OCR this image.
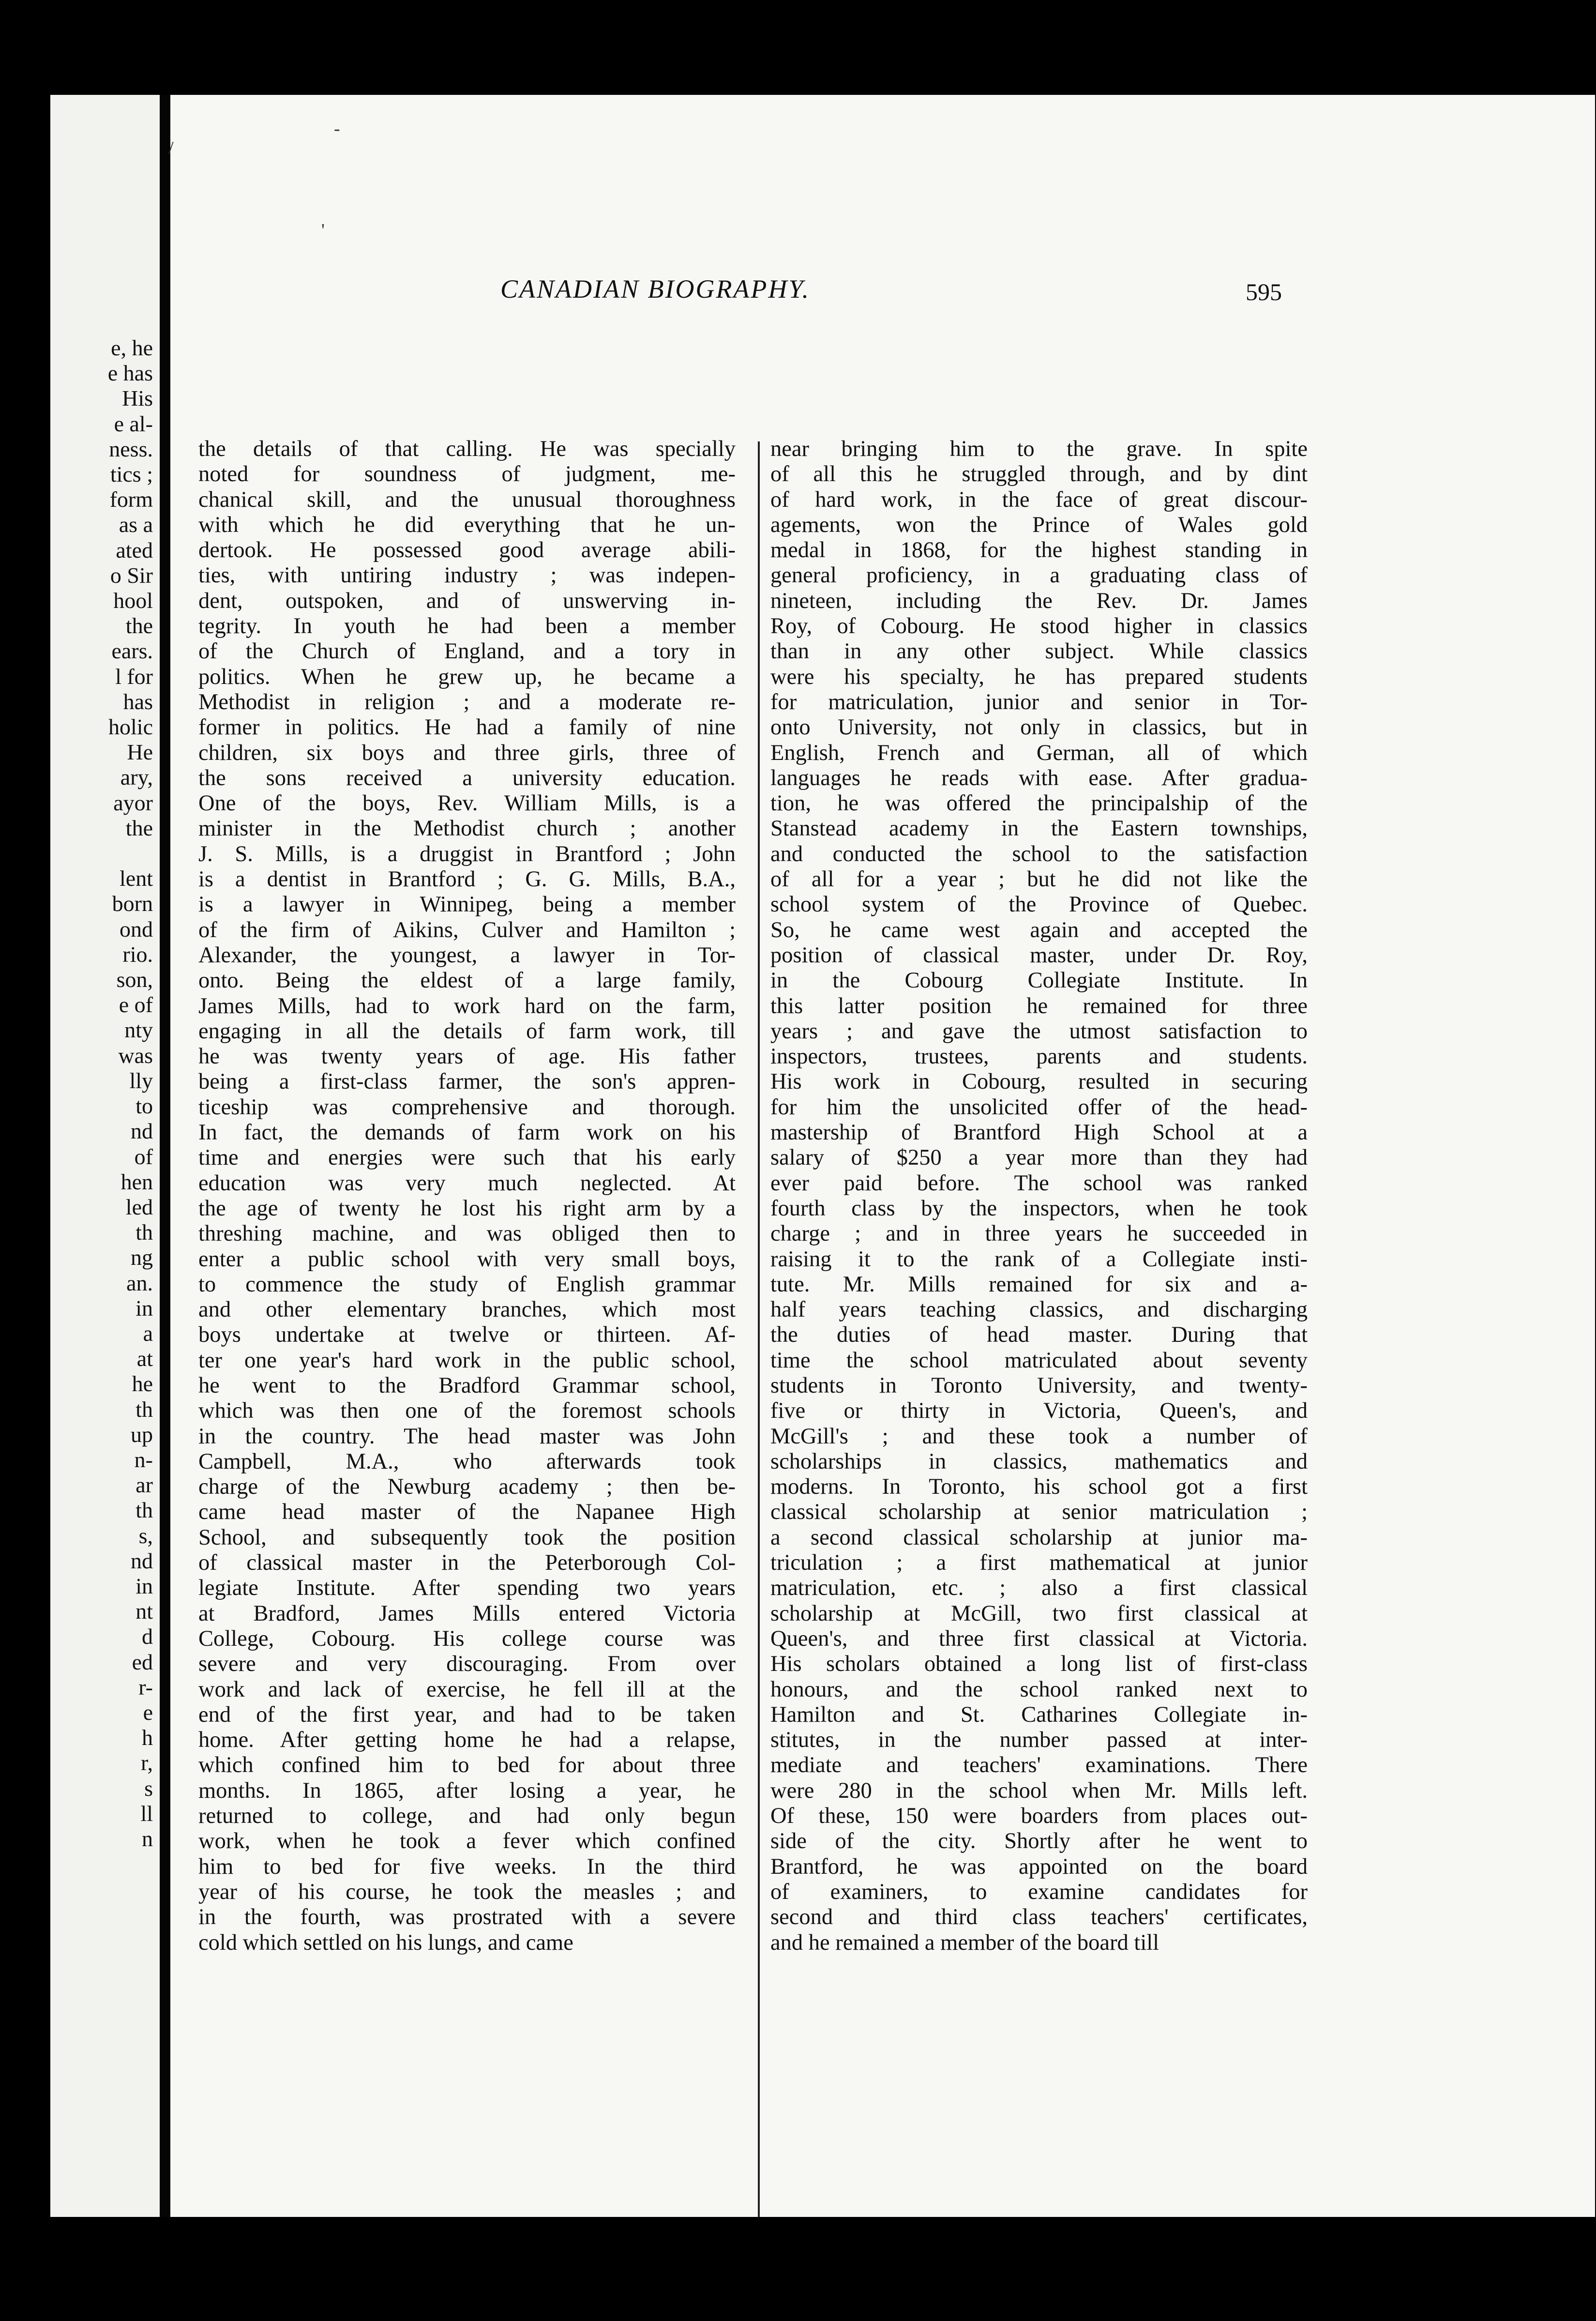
e, he
e has
His
e al-
ness.
tics ;
form
as a
ated
o Sir
hool
the
ears.
l for
has
holic
He
ary,
ayor
the

lent
born
ond
rio.
son,
e of
nty
was
lly
to
nd
of
hen
led
th
ng
an.
in
a
at
he
th
up
n-
ar
th
s,
nd
in
nt
d
ed
r-
e
h
r,
s
ll
n
/
-
'
CANADIAN BIOGRAPHY.	595
the details of that calling. He was specially
noted for soundness of judgment, me-
chanical skill, and the unusual thoroughness
with which he did everything that he un-
dertook. He possessed good average abili-
ties, with untiring industry ; was indepen-
dent, outspoken, and of unswerving in-
tegrity. In youth he had been a member
of the Church of England, and a tory in
politics. When he grew up, he became a
Methodist in religion ; and a moderate re-
former in politics. He had a family of nine
children, six boys and three girls, three of
the sons received a university education.
One of the boys, Rev. William Mills, is a
minister in the Methodist church ; another
J. S. Mills, is a druggist in Brantford ; John
is a dentist in Brantford ; G. G. Mills, B.A.,
is a lawyer in Winnipeg, being a member
of the firm of Aikins, Culver and Hamilton ;
Alexander, the youngest, a lawyer in Tor-
onto. Being the eldest of a large family,
James Mills, had to work hard on the farm,
engaging in all the details of farm work, till
he was twenty years of age. His father
being a first-class farmer, the son's appren-
ticeship was comprehensive and thorough.
In fact, the demands of farm work on his
time and energies were such that his early
education was very much neglected. At
the age of twenty he lost his right arm by a
threshing machine, and was obliged then to
enter a public school with very small boys,
to commence the study of English grammar
and other elementary branches, which most
boys undertake at twelve or thirteen. Af-
ter one year's hard work in the public school,
he went to the Bradford Grammar school,
which was then one of the foremost schools
in the country. The head master was John
Campbell, M.A., who afterwards took
charge of the Newburg academy ; then be-
came head master of the Napanee High
School, and subsequently took the position
of classical master in the Peterborough Col-
legiate Institute. After spending two years
at Bradford, James Mills entered Victoria
College, Cobourg. His college course was
severe and very discouraging. From over
work and lack of exercise, he fell ill at the
end of the first year, and had to be taken
home. After getting home he had a relapse,
which confined him to bed for about three
months. In 1865, after losing a year, he
returned to college, and had only begun
work, when he took a fever which confined
him to bed for five weeks. In the third
year of his course, he took the measles ; and
in the fourth, was prostrated with a severe
cold which settled on his lungs, and came
near bringing him to the grave. In spite
of all this he struggled through, and by dint
of hard work, in the face of great discour-
agements, won the Prince of Wales gold
medal in 1868, for the highest standing in
general proficiency, in a graduating class of
nineteen, including the Rev. Dr. James
Roy, of Cobourg. He stood higher in classics
than in any other subject. While classics
were his specialty, he has prepared students
for matriculation, junior and senior in Tor-
onto University, not only in classics, but in
English, French and German, all of which
languages he reads with ease. After gradua-
tion, he was offered the principalship of the
Stanstead academy in the Eastern townships,
and conducted the school to the satisfaction
of all for a year ; but he did not like the
school system of the Province of Quebec.
So, he came west again and accepted the
position of classical master, under Dr. Roy,
in the Cobourg Collegiate Institute. In
this latter position he remained for three
years ; and gave the utmost satisfaction to
inspectors, trustees, parents and students.
His work in Cobourg, resulted in securing
for him the unsolicited offer of the head-
mastership of Brantford High School at a
salary of $250 a year more than they had
ever paid before. The school was ranked
fourth class by the inspectors, when he took
charge ; and in three years he succeeded in
raising it to the rank of a Collegiate insti-
tute. Mr. Mills remained for six and a-
half years teaching classics, and discharging
the duties of head master. During that
time the school matriculated about seventy
students in Toronto University, and twenty-
five or thirty in Victoria, Queen's, and
McGill's ; and these took a number of
scholarships in classics, mathematics and
moderns. In Toronto, his school got a first
classical scholarship at senior matriculation ;
a second classical scholarship at junior ma-
triculation ; a first mathematical at junior
matriculation, etc. ; also a first classical
scholarship at McGill, two first classical at
Queen's, and three first classical at Victoria.
His scholars obtained a long list of first-class
honours, and the school ranked next to
Hamilton and St. Catharines Collegiate in-
stitutes, in the number passed at inter-
mediate and teachers' examinations. There
were 280 in the school when Mr. Mills left.
Of these, 150 were boarders from places out-
side of the city. Shortly after he went to
Brantford, he was appointed on the board
of examiners, to examine candidates for
second and third class teachers' certificates,
and he remained a member of the board till
